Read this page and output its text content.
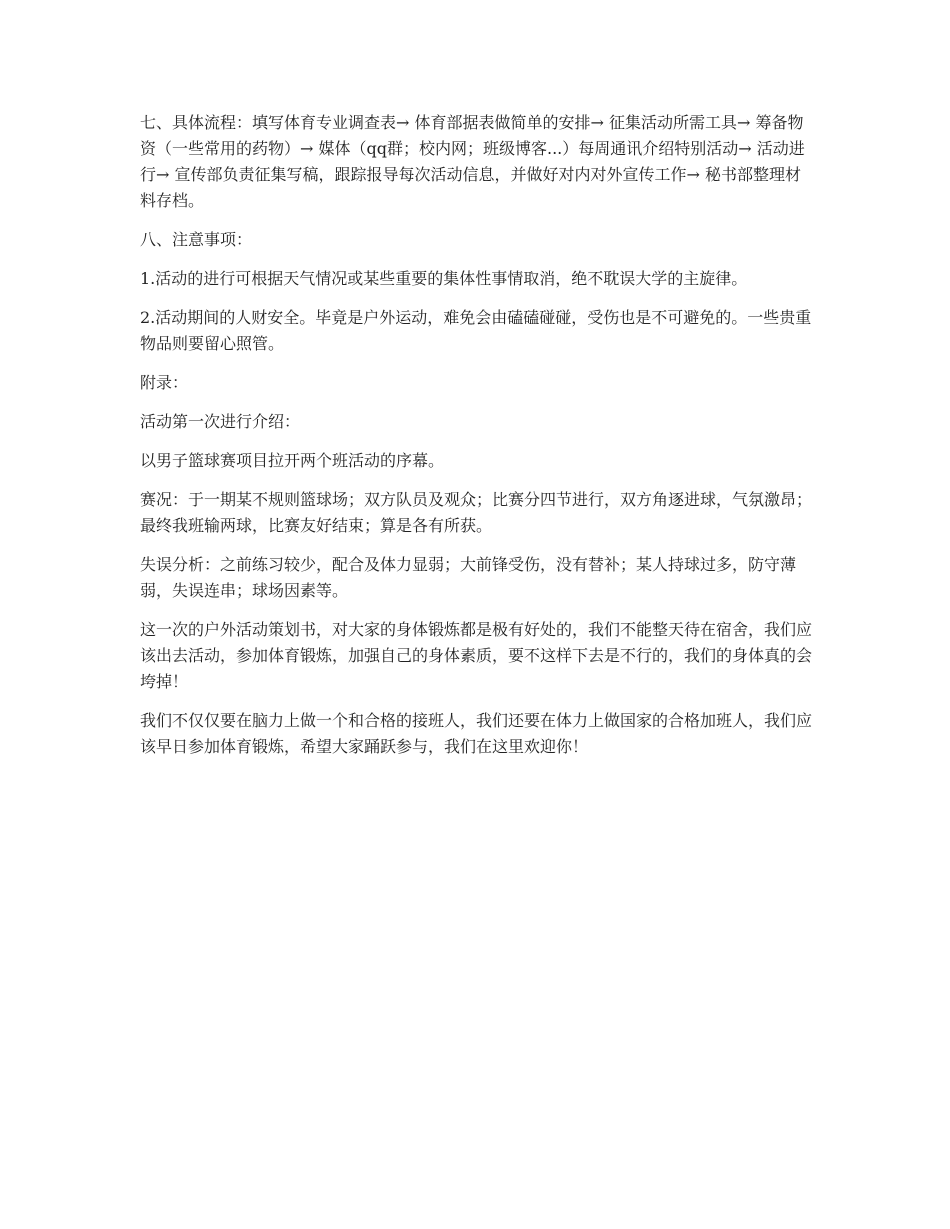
七、具体流程：填写体育专业调查表→ 体育部据表做简单的安排→ 征集活动所需工具→ 筹备物资（一些常用的药物）→ 媒体（qq群；校内网；班级博客...）每周通讯介绍特别活动→ 活动进行→ 宣传部负责征集写稿，跟踪报导每次活动信息，并做好对内对外宣传工作→ 秘书部整理材料存档。

八、注意事项：

1.活动的进行可根据天气情况或某些重要的集体性事情取消，绝不耽误大学的主旋律。

2.活动期间的人财安全。毕竟是户外运动，难免会由磕磕碰碰，受伤也是不可避免的。一些贵重物品则要留心照管。

附录：

活动第一次进行介绍：

以男子篮球赛项目拉开两个班活动的序幕。

赛况：于一期某不规则篮球场；双方队员及观众；比赛分四节进行，双方角逐进球，气氛激昂；最终我班输两球，比赛友好结束；算是各有所获。

失误分析：之前练习较少，配合及体力显弱；大前锋受伤，没有替补；某人持球过多，防守薄弱，失误连串；球场因素等。

这一次的户外活动策划书，对大家的身体锻炼都是极有好处的，我们不能整天待在宿舍，我们应该出去活动，参加体育锻炼，加强自己的身体素质，要不这样下去是不行的，我们的身体真的会垮掉！

我们不仅仅要在脑力上做一个和合格的接班人，我们还要在体力上做国家的合格加班人，我们应该早日参加体育锻炼，希望大家踊跃参与，我们在这里欢迎你！
